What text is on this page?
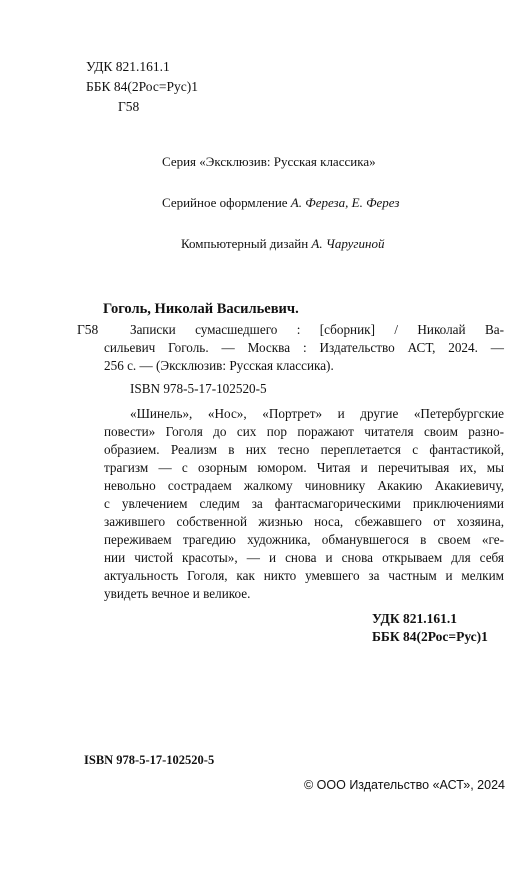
УДК 821.161.1
ББК 84(2Рос=Рус)1
Г58
Серия «Эксклюзив: Русская классика»
Серийное оформление А. Фереза, Е. Ферез
Компьютерный дизайн А. Чаругиной
Гоголь, Николай Васильевич.
Г58 Записки сумасшедшего : [сборник] / Николай Ва-
сильевич Гоголь. — Москва : Издательство АСТ, 2024. —
256 с. — (Эксклюзив: Русская классика).
ISBN 978-5-17-102520-5
«Шинель», «Нос», «Портрет» и другие «Петербургские
повести» Гоголя до сих пор поражают читателя своим разно-
образием. Реализм в них тесно переплетается с фантастикой,
трагизм — с озорным юмором. Читая и перечитывая их, мы
невольно сострадаем жалкому чиновнику Акакию Акакиевичу,
с увлечением следим за фантасмагорическими приключениями
зажившего собственной жизнью носа, сбежавшего от хозяина,
переживаем трагедию художника, обманувшегося в своем «ге-
нии чистой красоты», — и снова и снова открываем для себя
актуальность Гоголя, как никто умевшего за частным и мелким
увидеть вечное и великое.
УДК 821.161.1
ББК 84(2Рос=Рус)1
ISBN 978-5-17-102520-5
© ООО Издательство «АСТ», 2024
